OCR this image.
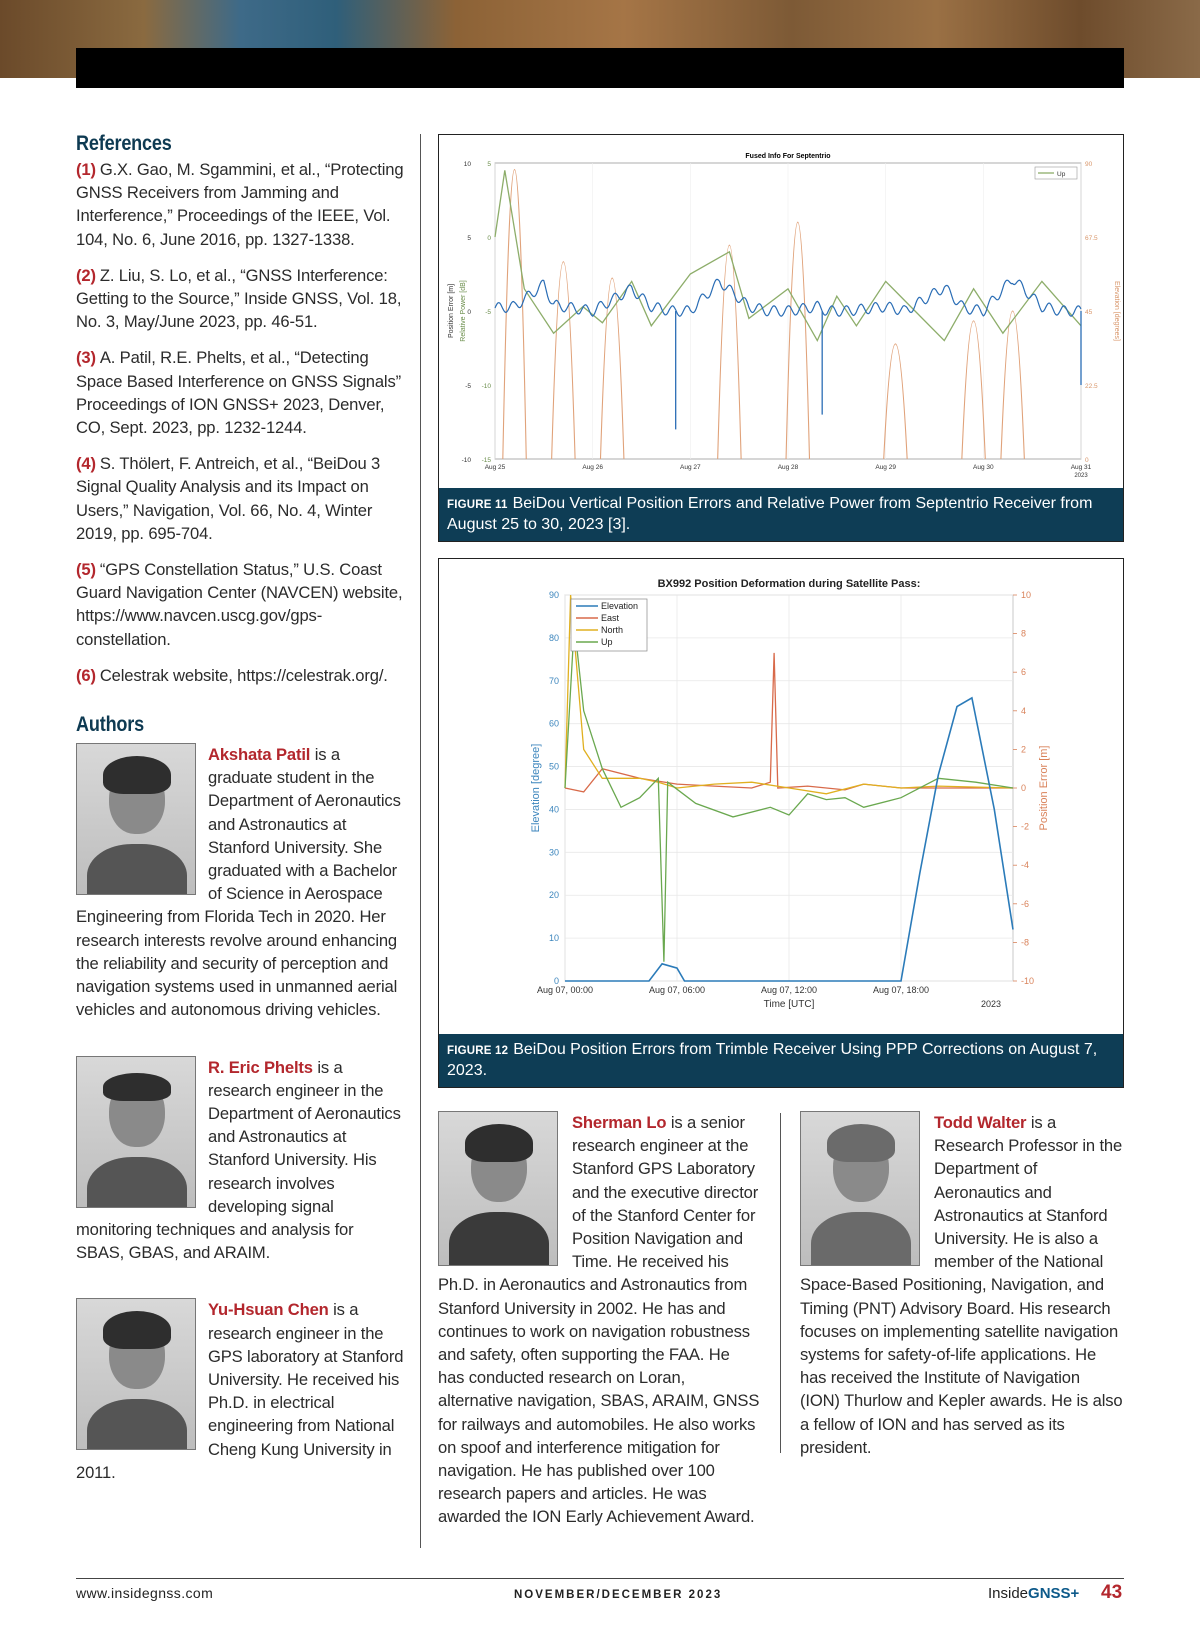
References

(1) G.X. Gao, M. Sgammini, et al., “Protecting GNSS Receivers from Jamming and Interference,” Proceedings of the IEEE, Vol. 104, No. 6, June 2016, pp. 1327-1338.

(2) Z. Liu, S. Lo, et al., “GNSS Interference: Getting to the Source,” Inside GNSS, Vol. 18, No. 3, May/June 2023, pp. 46-51.

(3) A. Patil, R.E. Phelts, et al., “Detecting Space Based Interference on GNSS Signals” Proceedings of ION GNSS+ 2023, Denver, CO, Sept. 2023, pp. 1232-1244.

(4) S. Thölert, F. Antreich, et al., “BeiDou 3 Signal Quality Analysis and its Impact on Users,” Navigation, Vol. 66, No. 4, Winter 2019, pp. 695-704.

(5) “GPS Constellation Status,” U.S. Coast Guard Navigation Center (NAVCEN) website, https://www.navcen.uscg.gov/gps-constellation.

(6) Celestrak website, https://celestrak.org/.

Authors
Akshata Patil is a graduate student in the Department of Aeronautics and Astronautics at Stanford University. She graduated with a Bachelor of Science in Aerospace Engineering from Florida Tech in 2020. Her research interests revolve around enhancing the reliability and security of perception and navigation systems used in unmanned aerial vehicles and autonomous driving vehicles.
R. Eric Phelts is a research engineer in the Department of Aeronautics and Astronautics at Stanford University. His research involves developing signal monitoring techniques and analysis for SBAS, GBAS, and ARAIM.
Yu-Hsuan Chen is a research engineer in the GPS laboratory at Stanford University. He received his Ph.D. in electrical engineering from National Cheng Kung University in 2011.
Fused Info For Septentrio
Aug 25	Aug 26	Aug 27	Aug 28	Aug 29	Aug 30	Aug 31
2023
10
5
0
-5
-10
5
0
-5
-10
-15
90
67.5
45
22.5
0
Position Error [m] Relative Power [dB]	Elevation [degrees]
Up
FIGURE 11 BeiDou Vertical Position Errors and Relative Power from Septentrio Receiver from August 25 to 30, 2023 [3].
BX992 Position Deformation during Satellite Pass:
0
10
20
30
40
50
60
70
80
90	10
8
6
4
2
0
-2
-4
-6
-8
-10
Aug 07, 00:00	Aug 07, 06:00	Aug 07, 12:00	Aug 07, 18:00
2023
Time [UTC]
Elevation [degree]	Position Error [m]
Elevation
East
North
Up
FIGURE 12 BeiDou Position Errors from Trimble Receiver Using PPP Corrections on August 7, 2023.
Sherman Lo is a senior research engineer at the Stanford GPS Laboratory and the executive director of the Stanford Center for Position Navigation and Time. He received his Ph.D. in Aeronautics and Astronautics from Stanford University in 2002. He has and continues to work on navigation robustness and safety, often supporting the FAA. He has conducted research on Loran, alternative navigation, SBAS, ARAIM, GNSS for railways and automobiles. He also works on spoof and interference mitigation for navigation. He has published over 100 research papers and articles. He was awarded the ION Early Achievement Award.
Todd Walter is a Research Professor in the Department of Aeronautics and Astronautics at Stanford University. He is also a member of the National Space-Based Positioning, Navigation, and Timing (PNT) Advisory Board. His research focuses on implementing satellite navigation systems for safety-of-life applications. He has received the Institute of Navigation (ION) Thurlow and Kepler awards. He is also a fellow of ION and has served as its president.
www.insidegnss.com	NOVEMBER/DECEMBER 2023	InsideGNSS+ 43
